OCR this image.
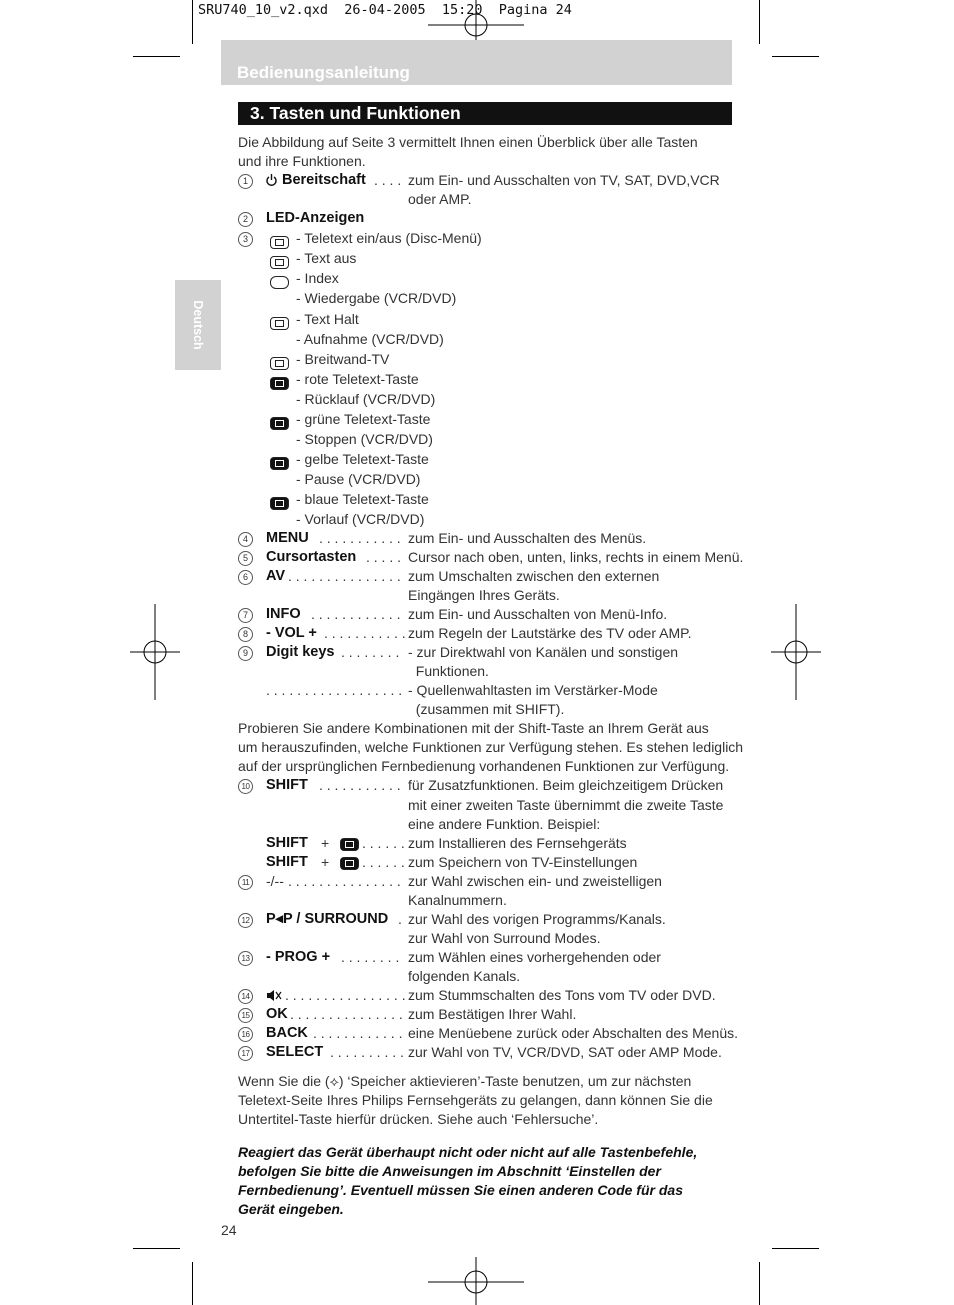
SRU740_10_v2.qxd  26-04-2005  15:20  Pagina 24
Bedienungsanleitung
3. Tasten und Funktionen
Deutsch
Die Abbildung auf Seite 3 vermittelt Ihnen einen Überblick über alle Tasten
und ihre Funktionen.
1	Bereitschaft . . . . zum Ein- und Ausschalten von TV, SAT, DVD,VCR
oder AMP.
2	LED-Anzeigen
3	- Teletext ein/aus (Disc-Menü)
- Text aus
- Index
- Wiedergabe (VCR/DVD)
- Text Halt
- Aufnahme (VCR/DVD)
- Breitwand-TV
- rote Teletext-Taste
- Rücklauf (VCR/DVD)
- grüne Teletext-Taste
- Stoppen (VCR/DVD)
- gelbe Teletext-Taste
- Pause (VCR/DVD)
- blaue Teletext-Taste
- Vorlauf (VCR/DVD)
4	MENU . . . . . . . . . . . zum Ein- und Ausschalten des Menüs.
5	Cursortasten . . . . . Cursor nach oben, unten, links, rechts in einem Menü.
6	AV . . . . . . . . . . . . . . . zum Umschalten zwischen den externen
Eingängen Ihres Geräts.
7	INFO . . . . . . . . . . . . zum Ein- und Ausschalten von Menü-Info.
8	- VOL + . . . . . . . . . . . zum Regeln der Lautstärke des TV oder AMP.
9	Digit keys . . . . . . . . - zur Direktwahl von Kanälen und sonstigen
Funktionen.
. . . . . . . . . . . . . . . . . . - Quellenwahltasten im Verstärker-Mode
(zusammen mit SHIFT).
Probieren Sie andere Kombinationen mit der Shift-Taste an Ihrem Gerät aus
um herauszufinden, welche Funktionen zur Verfügung stehen. Es stehen lediglich
auf der ursprünglichen Fernbedienung vorhandenen Funktionen zur Verfügung.
10 SHIFT . . . . . . . . . . . für Zusatzfunktionen. Beim gleichzeitigem Drücken
mit einer zweiten Taste übernimmt die zweite Taste
eine andere Funktion. Beispiel:
SHIFT + . . . . . . zum Installieren des Fernsehgeräts
SHIFT + . . . . . . zum Speichern von TV-Einstellungen
11 -/-- . . . . . . . . . . . . . . . zur Wahl zwischen ein- und zweistelligen
Kanalnummern.
12 P◂P / SURROUND . zur Wahl des vorigen Programms/Kanals.
zur Wahl von Surround Modes.
13 - PROG + . . . . . . . . zum Wählen eines vorhergehenden oder
folgenden Kanals.
14	. . . . . . . . . . . . . . . . zum Stummschalten des Tons vom TV oder DVD.
15 OK . . . . . . . . . . . . . . . zum Bestätigen Ihrer Wahl.
16 BACK . . . . . . . . . . . . eine Menüebene zurück oder Abschalten des Menüs.
17 SELECT . . . . . . . . . . zur Wahl von TV, VCR/DVD, SAT oder AMP Mode.
Wenn Sie die (⟡) ‘Speicher aktievieren’-Taste benutzen, um zur nächsten
Teletext-Seite Ihres Philips Fernsehgeräts zu gelangen, dann können Sie die
Untertitel-Taste hierfür drücken. Siehe auch ‘Fehlersuche’.
Reagiert das Gerät überhaupt nicht oder nicht auf alle Tastenbefehle,
befolgen Sie bitte die Anweisungen im Abschnitt ‘Einstellen der
Fernbedienung’. Eventuell müssen Sie einen anderen Code für das
Gerät eingeben.
24
